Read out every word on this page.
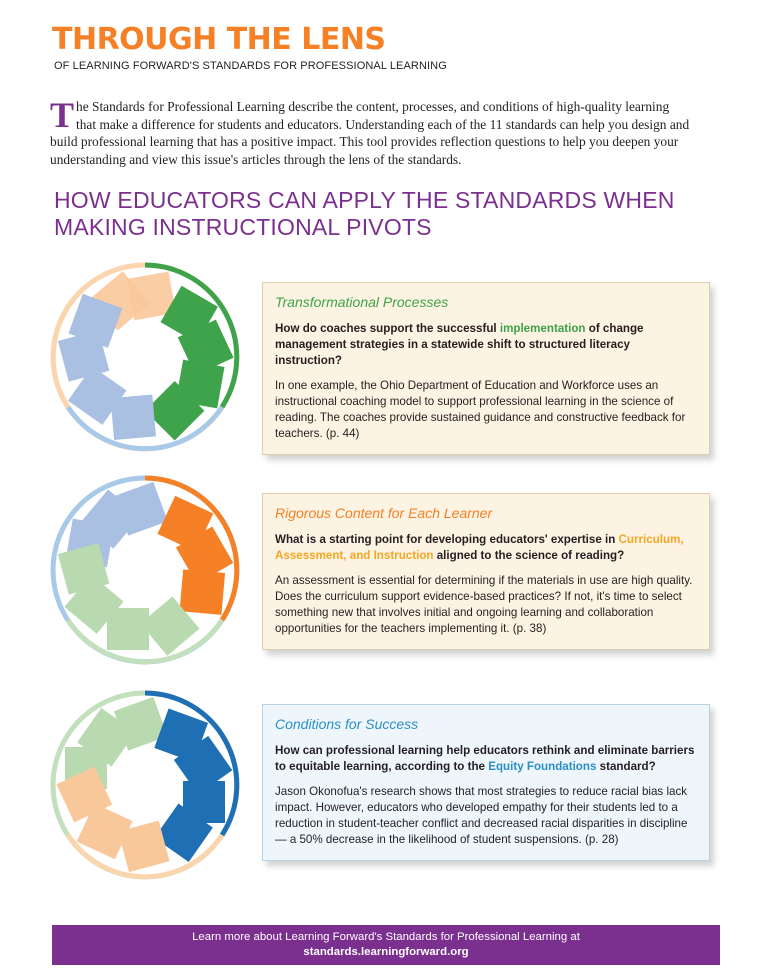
THROUGH THE LENS
OF LEARNING FORWARD'S STANDARDS FOR PROFESSIONAL LEARNING
The Standards for Professional Learning describe the content, processes, and conditions of high-quality learning that make a difference for students and educators. Understanding each of the 11 standards can help you design and build professional learning that has a positive impact. This tool provides reflection questions to help you deepen your understanding and view this issue's articles through the lens of the standards.
HOW EDUCATORS CAN APPLY THE STANDARDS WHEN MAKING INSTRUCTIONAL PIVOTS
Transformational Processes
How do coaches support the successful implementation of change management strategies in a statewide shift to structured literacy instruction?
In one example, the Ohio Department of Education and Workforce uses an instructional coaching model to support professional learning in the science of reading. The coaches provide sustained guidance and constructive feedback for teachers. (p. 44)
Rigorous Content for Each Learner
What is a starting point for developing educators' expertise in Curriculum, Assessment, and Instruction aligned to the science of reading?
An assessment is essential for determining if the materials in use are high quality. Does the curriculum support evidence-based practices? If not, it's time to select something new that involves initial and ongoing learning and collaboration opportunities for the teachers implementing it. (p. 38)
Conditions for Success
How can professional learning help educators rethink and eliminate barriers to equitable learning, according to the Equity Foundations standard?
Jason Okonofua's research shows that most strategies to reduce racial bias lack impact. However, educators who developed empathy for their students led to a reduction in student-teacher conflict and decreased racial disparities in discipline — a 50% decrease in the likelihood of student suspensions. (p. 28)
Learn more about Learning Forward's Standards for Professional Learning at
standards.learningforward.org
